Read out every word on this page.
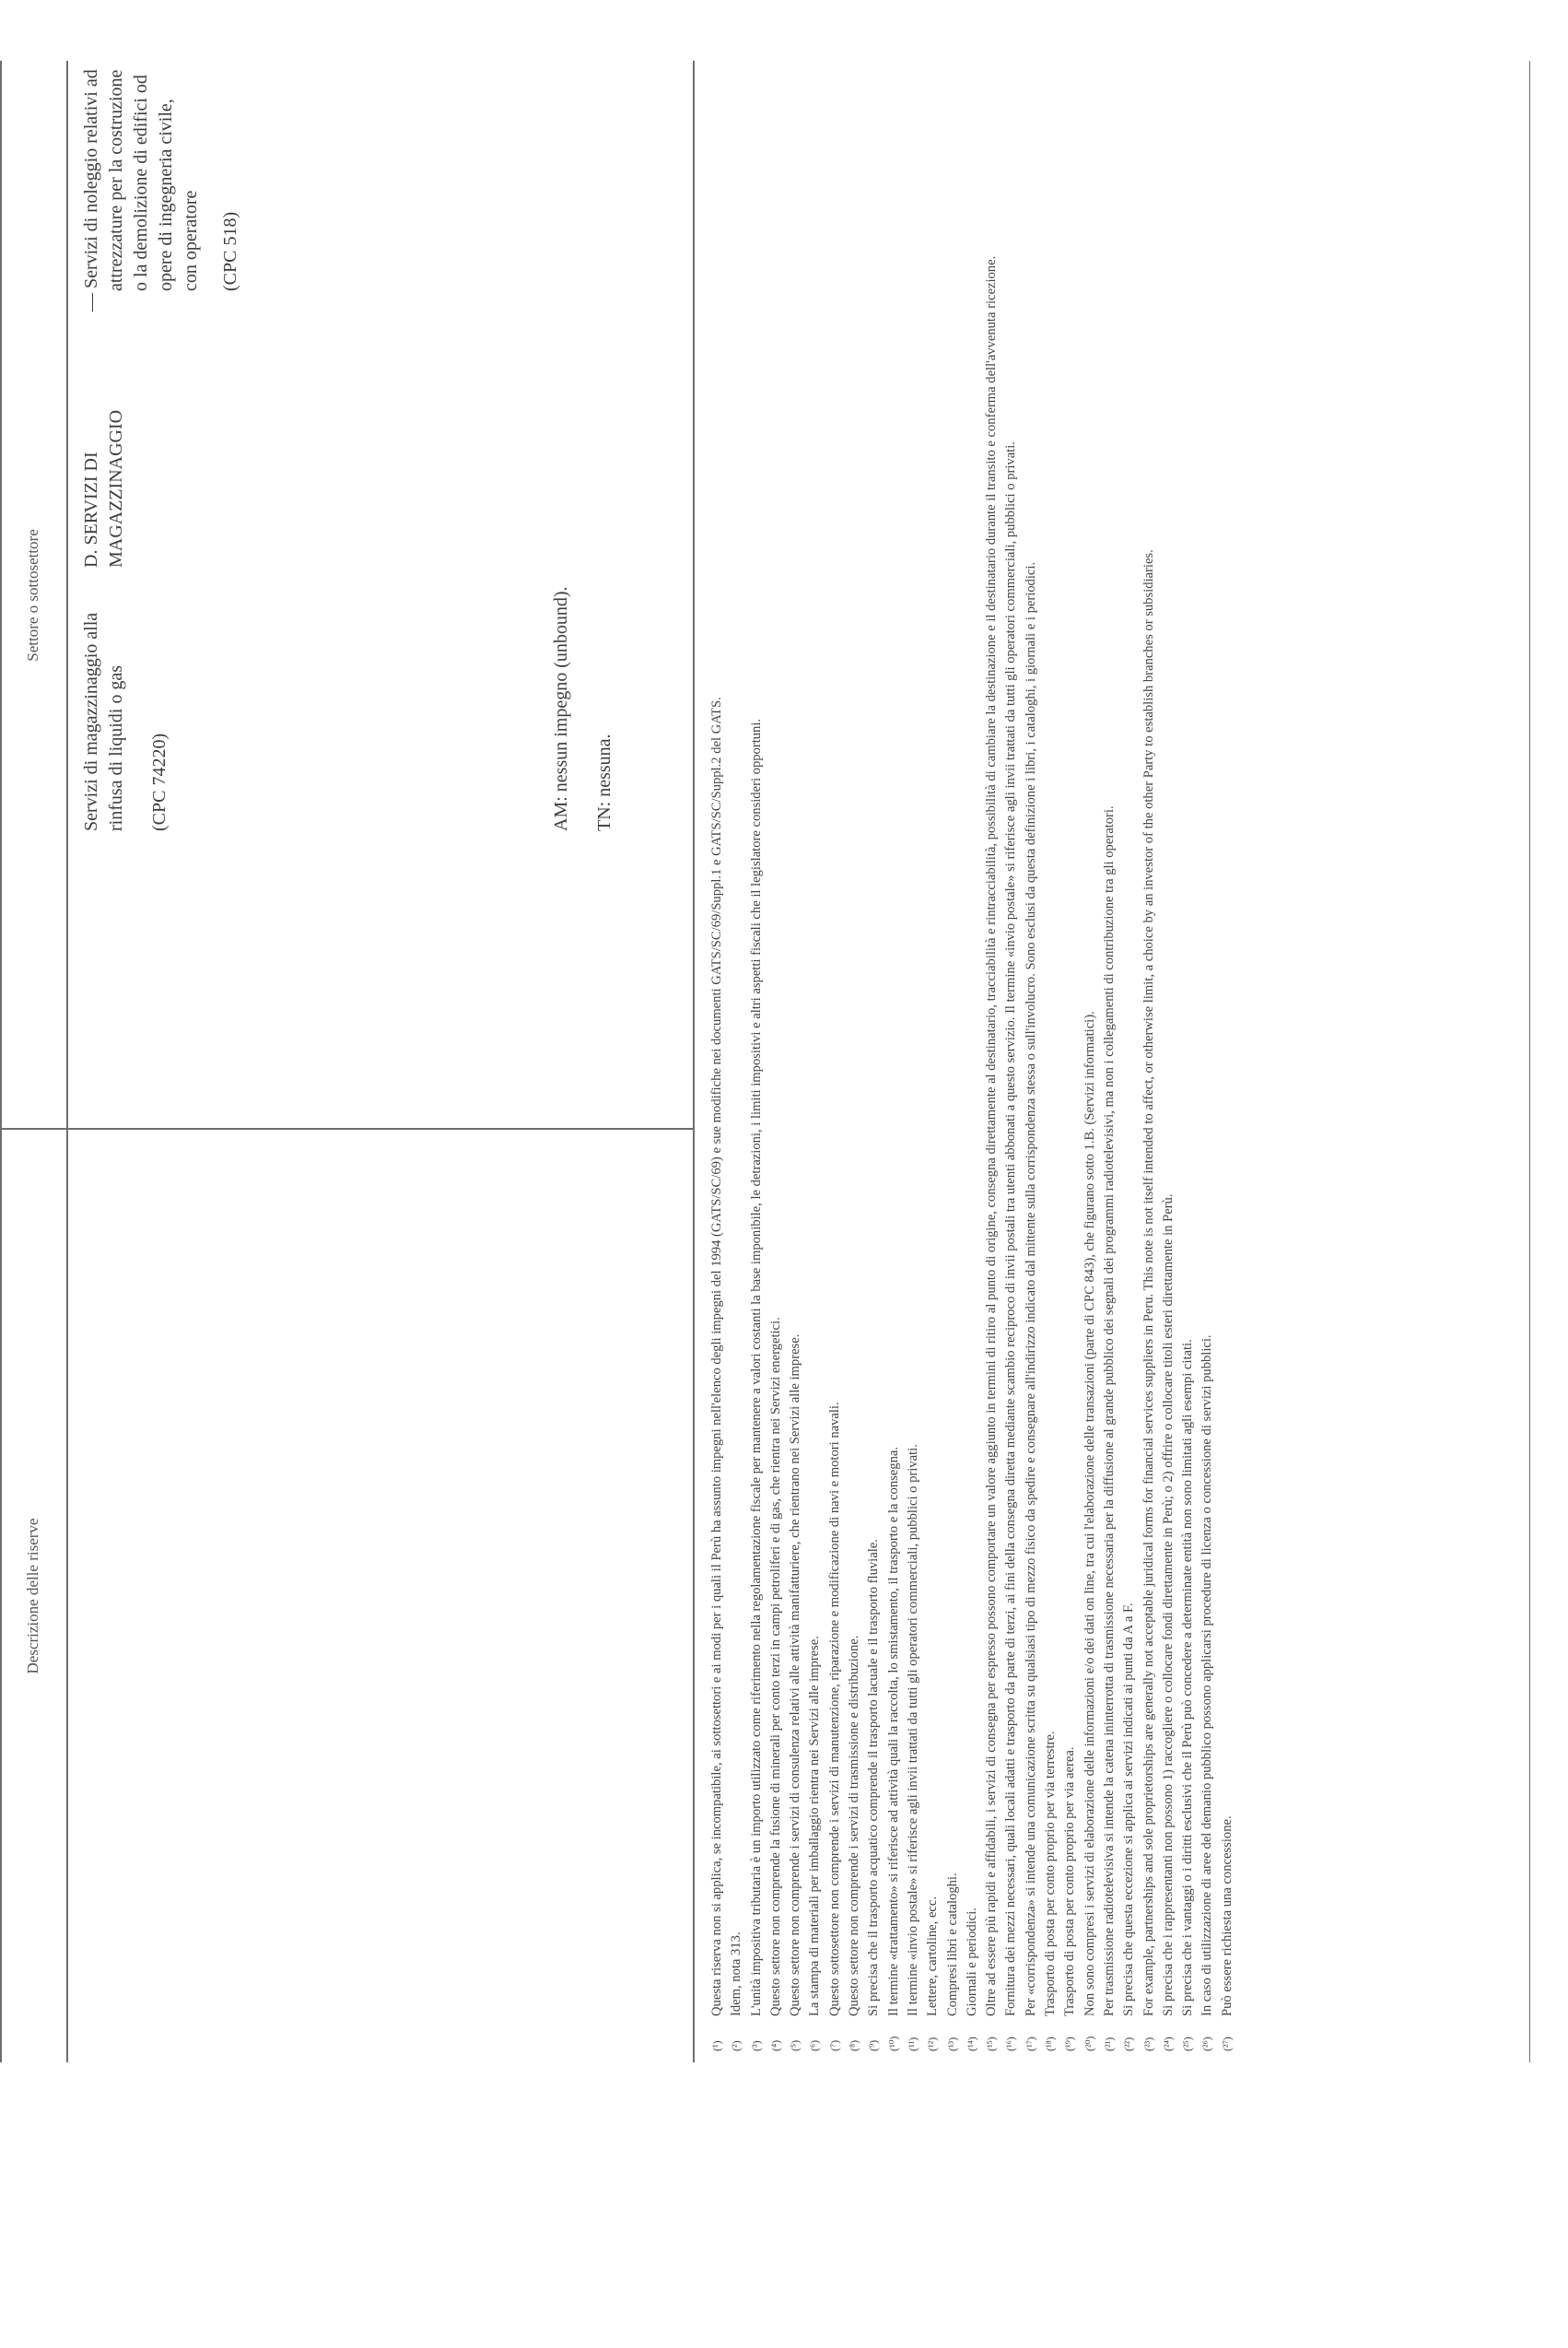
Settore o sottosettore
Descrizione delle riserve

— Servizi di noleggio relativi ad attrezzature per la costruzione o la demolizione di edifici od opere di ingegneria civile, con operatore (CPC 518)

D. SERVIZI DI MAGAZZINAGGIO

Servizi di magazzinaggio alla rinfusa di liquidi o gas (CPC 74220)	AM: nessun impegno (unbound). TN: nessuna.

(¹)
Questa riserva non si applica, se incompatibile, ai sottosettori e ai modi per i quali il Perù ha assunto impegni nell'elenco degli impegni del 1994 (GATS/SC/69) e sue modifiche nei documenti GATS/SC/69/Suppl.1 e GATS/SC/Suppl.2 del GATS.
(²)
Idem, nota 313.
(³)
L'unità impositiva tributaria è un importo utilizzato come riferimento nella regolamentazione fiscale per mantenere a valori costanti la base imponibile, le detrazioni, i limiti impositivi e altri aspetti fiscali che il legislatore consideri opportuni.
(⁴)
Questo settore non comprende la fusione di minerali per conto terzi in campi petroliferi e di gas, che rientra nei Servizi energetici.
(⁵)
Questo settore non comprende i servizi di consulenza relativi alle attività manifatturiere, che rientrano nei Servizi alle imprese.
(⁶)
La stampa di materiali per imballaggio rientra nei Servizi alle imprese.
(⁷)
Questo sottosettore non comprende i servizi di manutenzione, riparazione e modificazione di navi e motori navali.
(⁸)
Questo settore non comprende i servizi di trasmissione e distribuzione.
(⁹)
Si precisa che il trasporto acquatico comprende il trasporto lacuale e il trasporto fluviale.
(¹⁰)
Il termine «trattamento» si riferisce ad attività quali la raccolta, lo smistamento, il trasporto e la consegna.
(¹¹)
Il termine «invio postale» si riferisce agli invii trattati da tutti gli operatori commerciali, pubblici o privati.
(¹²)
Lettere, cartoline, ecc.
(¹³)
Compresi libri e cataloghi.
(¹⁴)
Giornali e periodici.
(¹⁵)
Oltre ad essere più rapidi e affidabili, i servizi di consegna per espresso possono comportare un valore aggiunto in termini di ritiro al punto di origine, consegna direttamente al destinatario, tracciabilità e rintracciabilità, possibilità di cambiare la destinazione e il destinatario durante il transito e conferma dell'avvenuta ricezione.
(¹⁶)
Fornitura dei mezzi necessari, quali locali adatti e trasporto da parte di terzi, ai fini della consegna diretta mediante scambio reciproco di invii postali tra utenti abbonati a questo servizio. Il termine «invio postale» si riferisce agli invii trattati da tutti gli operatori commerciali, pubblici o privati.
(¹⁷)
Per «corrispondenza» si intende una comunicazione scritta su qualsiasi tipo di mezzo fisico da spedire e consegnare all'indirizzo indicato dal mittente sulla corrispondenza stessa o sull'involucro. Sono esclusi da questa definizione i libri, i cataloghi, i giornali e i periodici.
(¹⁸)
Trasporto di posta per conto proprio per via terrestre.
(¹⁹)
Trasporto di posta per conto proprio per via aerea.
(²⁰)
Non sono compresi i servizi di elaborazione delle informazioni e/o dei dati on line, tra cui l'elaborazione delle transazioni (parte di CPC 843), che figurano sotto 1.B. (Servizi informatici).
(²¹)
Per trasmissione radiotelevisiva si intende la catena ininterrotta di trasmissione necessaria per la diffusione al grande pubblico dei segnali dei programmi radiotelevisivi, ma non i collegamenti di contribuzione tra gli operatori.
(²²)
Si precisa che questa eccezione si applica ai servizi indicati ai punti da A a F.
(²³)
For example, partnerships and sole proprietorships are generally not acceptable juridical forms for financial services suppliers in Peru. This note is not itself intended to affect, or otherwise limit, a choice by an investor of the other Party to establish branches or subsidiaries.
(²⁴)
Si precisa che i rappresentanti non possono 1) raccogliere o collocare fondi direttamente in Perù; o 2) offrire o collocare titoli esteri direttamente in Perù.
(²⁵)
Si precisa che i vantaggi o i diritti esclusivi che il Perù può concedere a determinate entità non sono limitati agli esempi citati.
(²⁶)
In caso di utilizzazione di aree del demanio pubblico possono applicarsi procedure di licenza o concessione di servizi pubblici.
(²⁷)
Può essere richiesta una concessione.
